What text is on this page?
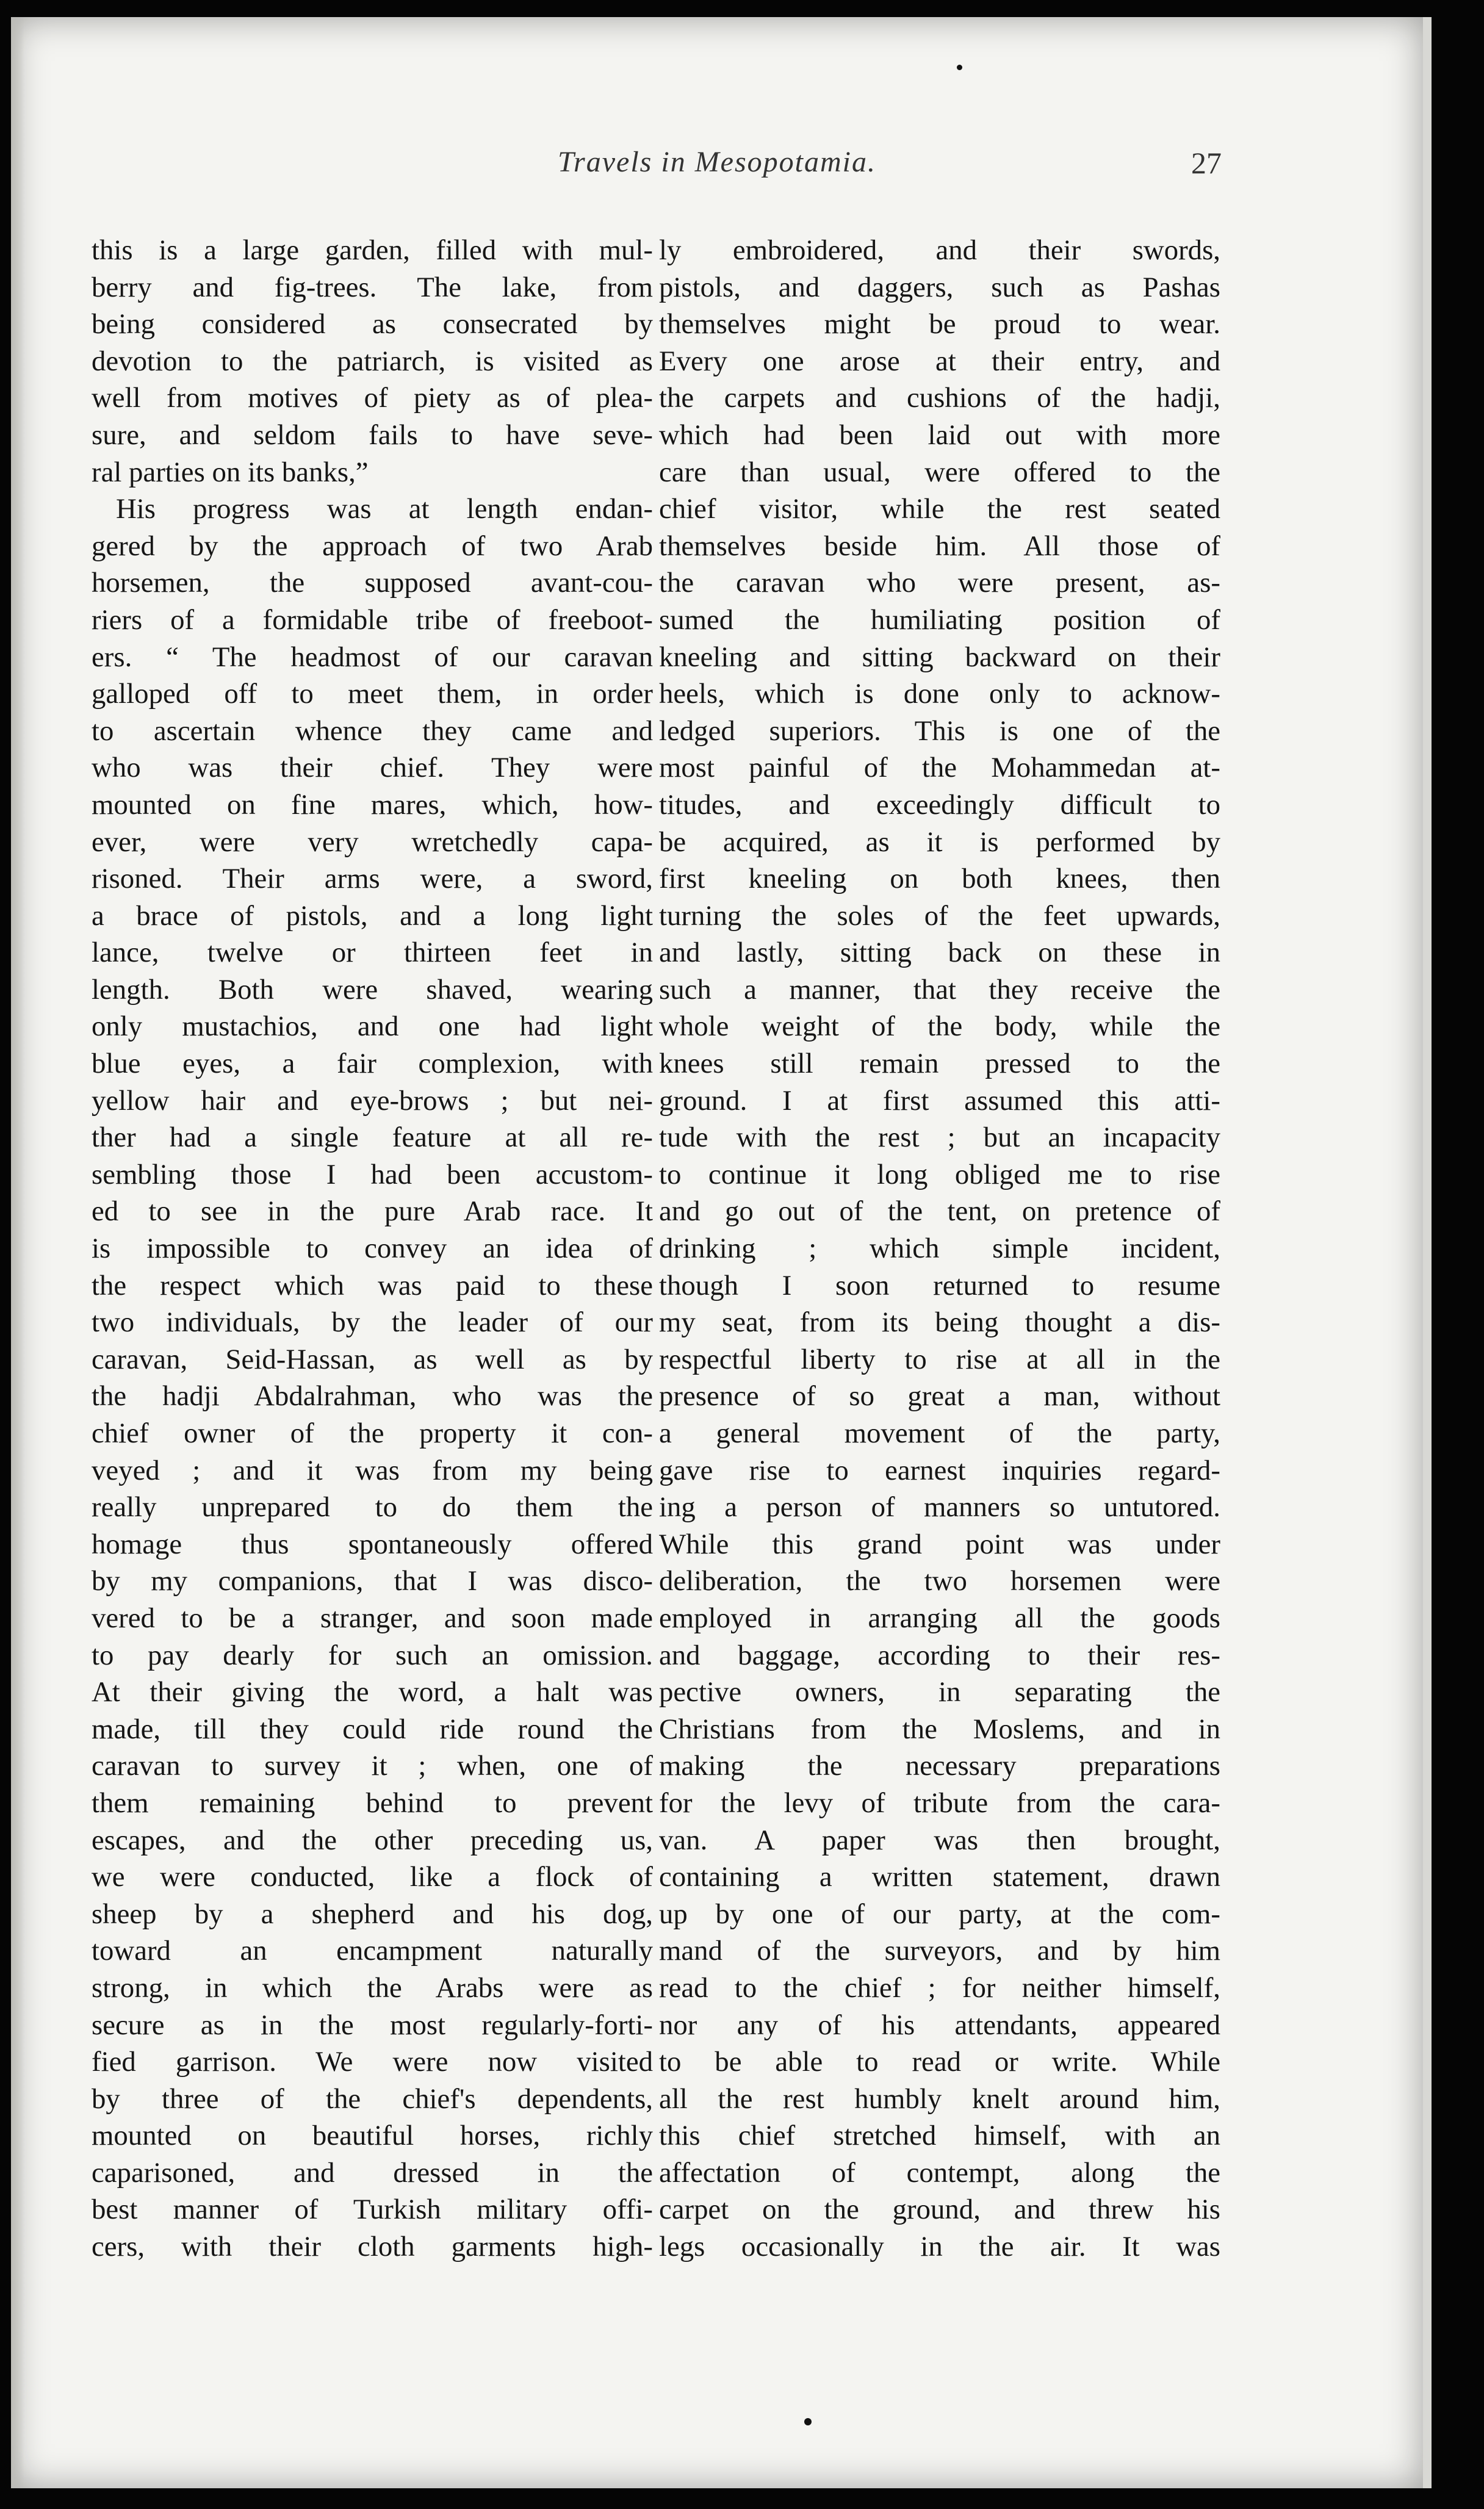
Travels in Mesopotamia.	27
this is a large garden, filled with mul-
berry and fig-trees. The lake, from
being considered as consecrated by
devotion to the patriarch, is visited as
well from motives of piety as of plea-
sure, and seldom fails to have seve-
ral parties on its banks,”
His progress was at length endan-
gered by the approach of two Arab
horsemen, the supposed avant-cou-
riers of a formidable tribe of freeboot-
ers. “ The headmost of our caravan
galloped off to meet them, in order
to ascertain whence they came and
who was their chief. They were
mounted on fine mares, which, how-
ever, were very wretchedly capa-
risoned. Their arms were, a sword,
a brace of pistols, and a long light
lance, twelve or thirteen feet in
length. Both were shaved, wearing
only mustachios, and one had light
blue eyes, a fair complexion, with
yellow hair and eye-brows ; but nei-
ther had a single feature at all re-
sembling those I had been accustom-
ed to see in the pure Arab race. It
is impossible to convey an idea of
the respect which was paid to these
two individuals, by the leader of our
caravan, Seid-Hassan, as well as by
the hadji Abdalrahman, who was the
chief owner of the property it con-
veyed ; and it was from my being
really unprepared to do them the
homage thus spontaneously offered
by my companions, that I was disco-
vered to be a stranger, and soon made
to pay dearly for such an omission.
At their giving the word, a halt was
made, till they could ride round the
caravan to survey it ; when, one of
them remaining behind to prevent
escapes, and the other preceding us,
we were conducted, like a flock of
sheep by a shepherd and his dog,
toward an encampment naturally
strong, in which the Arabs were as
secure as in the most regularly-forti-
fied garrison. We were now visited
by three of the chief's dependents,
mounted on beautiful horses, richly
caparisoned, and dressed in the
best manner of Turkish military offi-
cers, with their cloth garments high-
ly embroidered, and their swords,
pistols, and daggers, such as Pashas
themselves might be proud to wear.
Every one arose at their entry, and
the carpets and cushions of the hadji,
which had been laid out with more
care than usual, were offered to the
chief visitor, while the rest seated
themselves beside him. All those of
the caravan who were present, as-
sumed the humiliating position of
kneeling and sitting backward on their
heels, which is done only to acknow-
ledged superiors. This is one of the
most painful of the Mohammedan at-
titudes, and exceedingly difficult to
be acquired, as it is performed by
first kneeling on both knees, then
turning the soles of the feet upwards,
and lastly, sitting back on these in
such a manner, that they receive the
whole weight of the body, while the
knees still remain pressed to the
ground. I at first assumed this atti-
tude with the rest ; but an incapacity
to continue it long obliged me to rise
and go out of the tent, on pretence of
drinking ; which simple incident,
though I soon returned to resume
my seat, from its being thought a dis-
respectful liberty to rise at all in the
presence of so great a man, without
a general movement of the party,
gave rise to earnest inquiries regard-
ing a person of manners so untutored.
While this grand point was under
deliberation, the two horsemen were
employed in arranging all the goods
and baggage, according to their res-
pective owners, in separating the
Christians from the Moslems, and in
making the necessary preparations
for the levy of tribute from the cara-
van. A paper was then brought,
containing a written statement, drawn
up by one of our party, at the com-
mand of the surveyors, and by him
read to the chief ; for neither himself,
nor any of his attendants, appeared
to be able to read or write. While
all the rest humbly knelt around him,
this chief stretched himself, with an
affectation of contempt, along the
carpet on the ground, and threw his
legs occasionally in the air. It was
